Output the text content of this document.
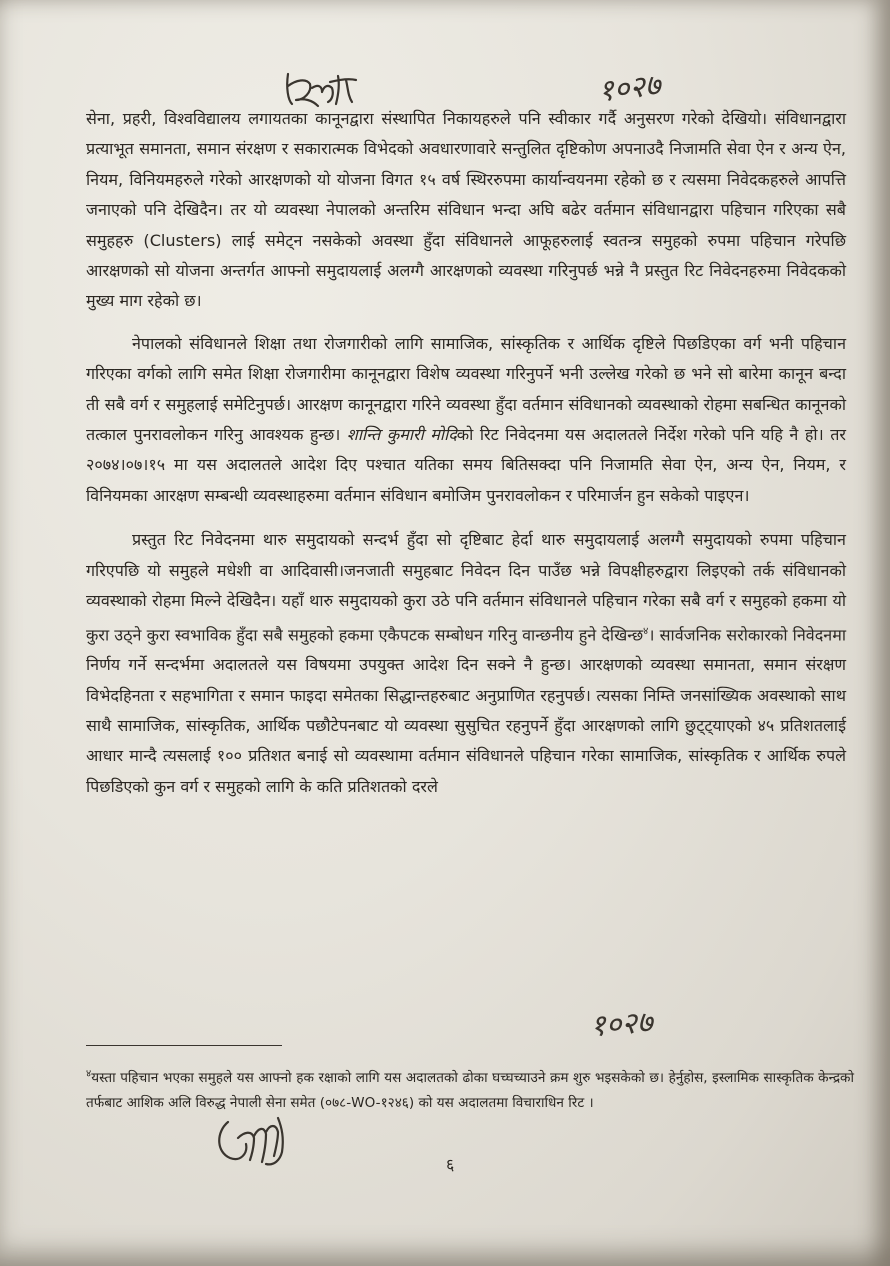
१०२७

सेना, प्रहरी, विश्वविद्यालय लगायतका कानूनद्वारा संस्थापित निकायहरुले पनि स्वीकार गर्दै अनुसरण गरेको देखियो। संविधानद्वारा प्रत्याभूत समानता, समान संरक्षण र सकारात्मक विभेदको अवधारणावारे सन्तुलित दृष्टिकोण अपनाउदै निजामति सेवा ऐन र अन्य ऐन, नियम, विनियमहरुले गरेको आरक्षणको यो योजना विगत १५ वर्ष स्थिररुपमा कार्यान्वयनमा रहेको छ र त्यसमा निवेदकहरुले आपत्ति जनाएको पनि देखिदैन। तर यो व्यवस्था नेपालको अन्तरिम संविधान भन्दा अघि बढेर वर्तमान संविधानद्वारा पहिचान गरिएका सबै समुहहरु (Clusters) लाई समेट्न नसकेको अवस्था हुँदा संविधानले आफूहरुलाई स्वतन्त्र समुहको रुपमा पहिचान गरेपछि आरक्षणको सो योजना अन्तर्गत आफ्नो समुदायलाई अलग्गै आरक्षणको व्यवस्था गरिनुपर्छ भन्ने नै प्रस्तुत रिट निवेदनहरुमा निवेदकको मुख्य माग रहेको छ।

नेपालको संविधानले शिक्षा तथा रोजगारीको लागि सामाजिक, सांस्कृतिक र आर्थिक दृष्टिले पिछडिएका वर्ग भनी पहिचान गरिएका वर्गको लागि समेत शिक्षा रोजगारीमा कानूनद्वारा विशेष व्यवस्था गरिनुपर्ने भनी उल्लेख गरेको छ भने सो बारेमा कानून बन्दा ती सबै वर्ग र समुहलाई समेटिनुपर्छ। आरक्षण कानूनद्वारा गरिने व्यवस्था हुँदा वर्तमान संविधानको व्यवस्थाको रोहमा सबन्धित कानूनको तत्काल पुनरावलोकन गरिनु आवश्यक हुन्छ। शान्ति कुमारी मोदिको रिट निवेदनमा यस अदालतले निर्देश गरेको पनि यहि नै हो। तर २०७४।०७।१५ मा यस अदालतले आदेश दिए पश्चात यतिका समय बितिसक्दा पनि निजामति सेवा ऐन, अन्य ऐन, नियम, र विनियमका आरक्षण सम्बन्धी व्यवस्थाहरुमा वर्तमान संविधान बमोजिम पुनरावलोकन र परिमार्जन हुन सकेको पाइएन।

प्रस्तुत रिट निवेदनमा थारु समुदायको सन्दर्भ हुँदा सो दृष्टिबाट हेर्दा थारु समुदायलाई अलग्गै समुदायको रुपमा पहिचान गरिएपछि यो समुहले मधेशी वा आदिवासी।जनजाती समुहबाट निवेदन दिन पाउँछ भन्ने विपक्षीहरुद्वारा लिइएको तर्क संविधानको व्यवस्थाको रोहमा मिल्ने देखिदैन। यहाँ थारु समुदायको कुरा उठे पनि वर्तमान संविधानले पहिचान गरेका सबै वर्ग र समुहको हकमा यो कुरा उठ्ने कुरा स्वभाविक हुँदा सबै समुहको हकमा एकैपटक सम्बोधन गरिनु वान्छनीय हुने देखिन्छ$^४$। सार्वजनिक सरोकारको निवेदनमा निर्णय गर्ने सन्दर्भमा अदालतले यस विषयमा उपयुक्त आदेश दिन सक्ने नै हुन्छ। आरक्षणको व्यवस्था समानता, समान संरक्षण विभेदहिनता र सहभागिता र समान फाइदा समेतका सिद्धान्तहरुबाट अनुप्राणित रहनुपर्छ। त्यसका निम्ति जनसांख्यिक अवस्थाको साथ साथै सामाजिक, सांस्कृतिक, आर्थिक पछौटेपनबाट यो व्यवस्था सुसुचित रहनुपर्ने हुँदा आरक्षणको लागि छुट्ट्याएको ४५ प्रतिशतलाई आधार मान्दै त्यसलाई १०० प्रतिशत बनाई सो व्यवस्थामा वर्तमान संविधानले पहिचान गरेका सामाजिक, सांस्कृतिक र आर्थिक रुपले पिछडिएको कुन वर्ग र समुहको लागि के कति प्रतिशतको दरले

१०२७
$^४$यस्ता पहिचान भएका समुहले यस आफ्नो हक रक्षाको लागि यस अदालतको ढोका घच्घच्याउने क्रम शुरु भइसकेको छ। हेर्नुहोस, इस्लामिक सास्कृतिक केन्द्रको तर्फबाट आशिक अलि विरुद्ध नेपाली सेना समेत (०७८-WO-१२४६) को यस अदालतमा विचाराधिन रिट ।
६
